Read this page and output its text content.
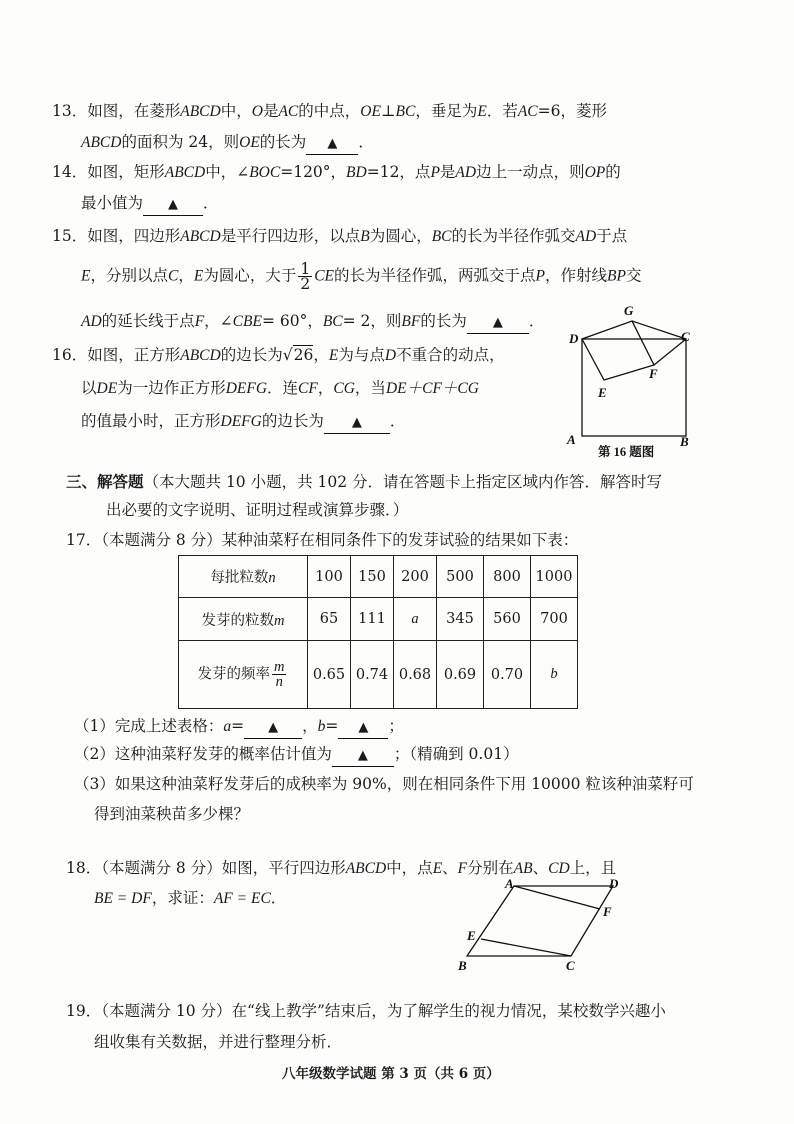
13．如图，在菱形ABCD中，O是AC的中点，OE⊥BC，垂足为E．若AC=6，菱形
ABCD的面积为 24，则OE的长为 ▲ ．
14．如图，矩形ABCD中，∠BOC=120°，BD=12，点P是AD边上一动点，则OP的
最小值为 ▲ ．
15．如图，四边形ABCD是平行四边形，以点B为圆心，BC的长为半径作弧交AD于点
E，分别以点C，E为圆心，大于 $\frac{1}{2}$ CE的长为半径作弧，两弧交于点P，作射线BP交
AD的延长线于点F，∠CBE= 60°，BC= 2，则BF的长为 ▲ ．
16．如图，正方形ABCD的边长为√26，E为与点D不重合的动点，
以DE为一边作正方形DEFG．连CF，CG，当DE＋CF＋CG
的值最小时，正方形DEFG的边长为 ▲ ．
A	B
C
D
E
F
G
第 16 题图
三、解答题（本大题共 10 小题，共 102 分．请在答题卡上指定区域内作答．解答时写
出必要的文字说明、证明过程或演算步骤．）
17．（本题满分 8 分）某种油菜籽在相同条件下的发芽试验的结果如下表：
每批粒数n	100	150	200	500	800	1000
发芽的粒数m	65	111	a	345	560	700
发芽的频率 $\frac{m}{n}$	0.65	0.74	0.68	0.69	0.70	b
（1）完成上述表格：a= ▲ ，b= ▲ ；
（2）这种油菜籽发芽的概率估计值为 ▲ ；（精确到 0.01）
（3）如果这种油菜籽发芽后的成秧率为 90%，则在相同条件下用 10000 粒该种油菜籽可
得到油菜秧苗多少棵？
18．（本题满分 8 分）如图，平行四边形ABCD中，点E、F分别在AB、CD上，且
BE = DF，求证：AF = EC．
A
B	C
D
E
F
19．（本题满分 10 分）在“线上教学”结束后，为了解学生的视力情况，某校数学兴趣小
组收集有关数据，并进行整理分析．
八年级数学试题 第 3 页（共 6 页）
